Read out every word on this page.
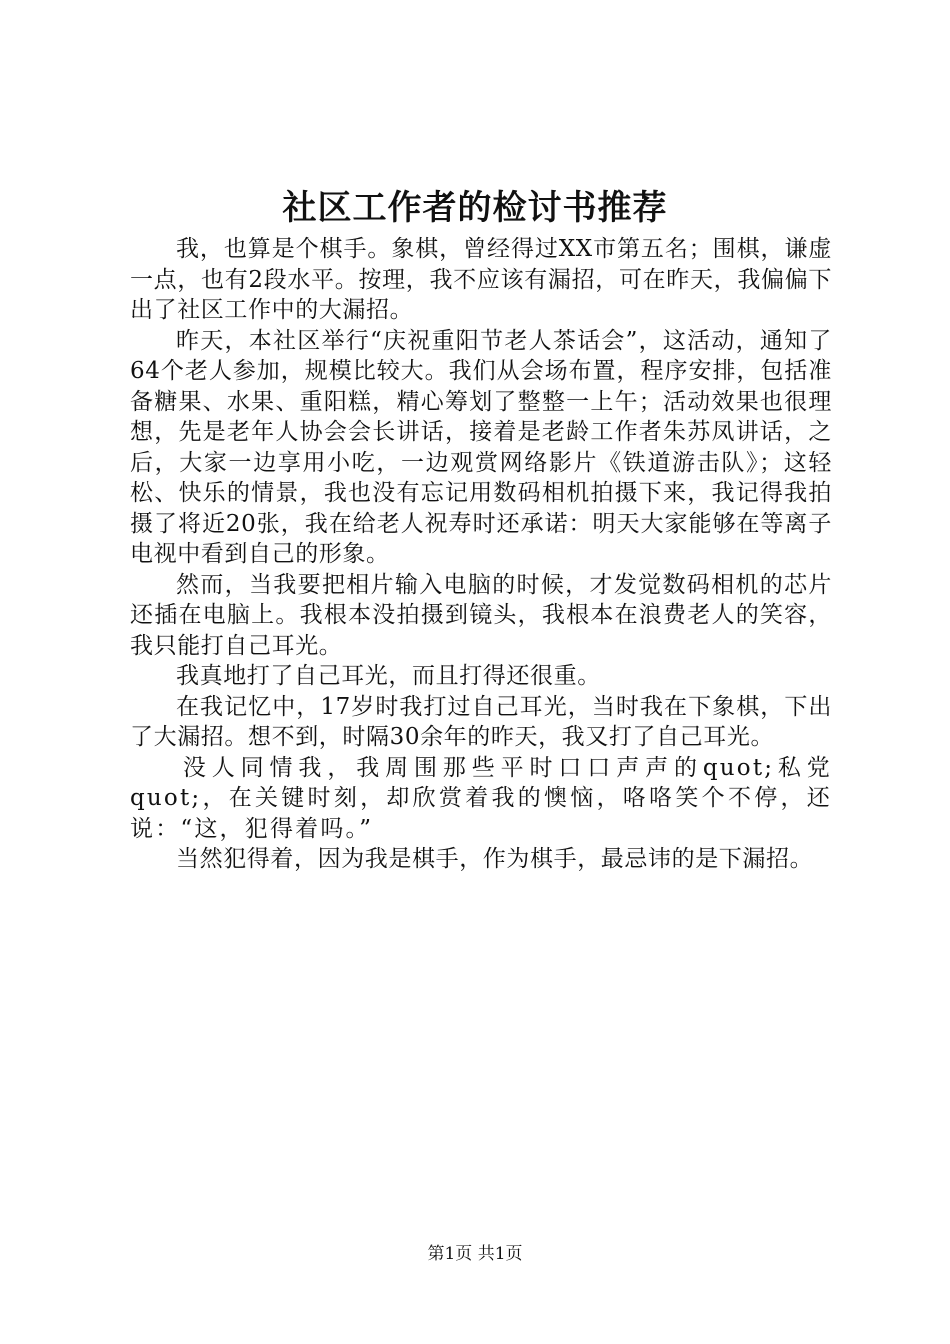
社区工作者的检讨书推荐

我，也算是个棋手。象棋，曾经得过XX市第五名；围棋，谦虚一点，也有2段水平。按理，我不应该有漏招，可在昨天，我偏偏下出了社区工作中的大漏招。

昨天，本社区举行“庆祝重阳节老人茶话会”，这活动，通知了64个老人参加，规模比较大。我们从会场布置，程序安排，包括准备糖果、水果、重阳糕，精心筹划了整整一上午；活动效果也很理想，先是老年人协会会长讲话，接着是老龄工作者朱苏凤讲话，之后，大家一边享用小吃，一边观赏网络影片《铁道游击队》；这轻松、快乐的情景，我也没有忘记用数码相机拍摄下来，我记得我拍摄了将近20张，我在给老人祝寿时还承诺：明天大家能够在等离子电视中看到自己的形象。

然而，当我要把相片输入电脑的时候，才发觉数码相机的芯片还插在电脑上。我根本没拍摄到镜头，我根本在浪费老人的笑容，我只能打自己耳光。

我真地打了自己耳光，而且打得还很重。

在我记忆中，17岁时我打过自己耳光，当时我在下象棋，下出了大漏招。想不到，时隔30余年的昨天，我又打了自己耳光。

没人同情我，我周围那些平时口口声声的quot;私党quot;，在关键时刻，却欣赏着我的懊恼，咯咯笑个不停，还说：“这，犯得着吗。”

当然犯得着，因为我是棋手，作为棋手，最忌讳的是下漏招。

第1页 共1页
